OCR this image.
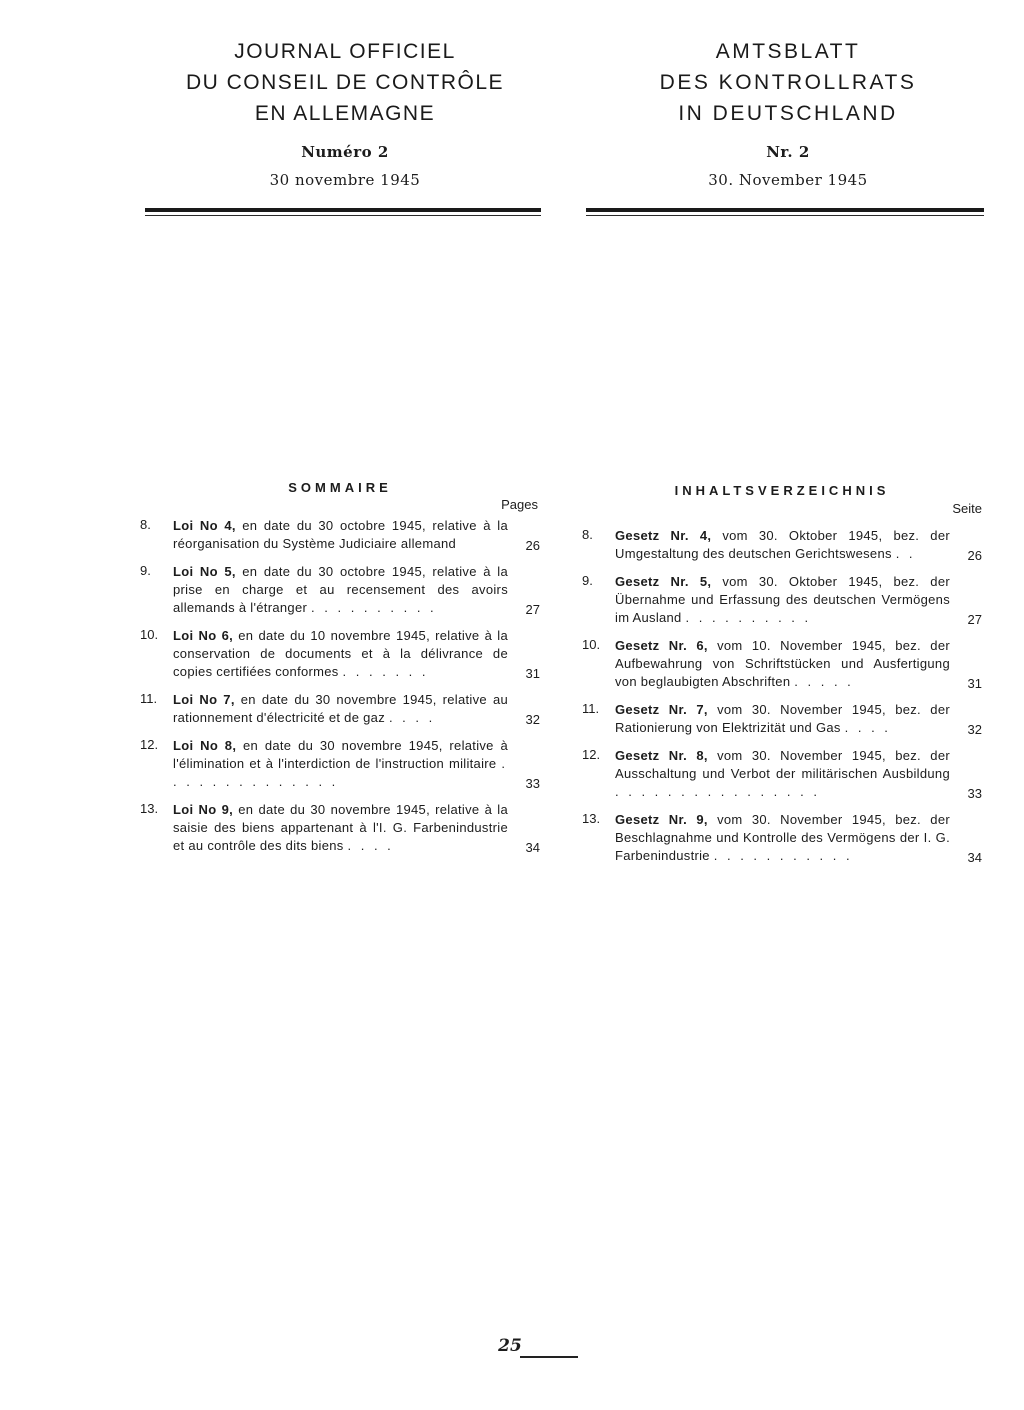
JOURNAL OFFICIEL
DU CONSEIL DE CONTRÔLE
EN ALLEMAGNE
Numéro 2
30 novembre 1945
AMTSBLATT
DES KONTROLLRATS
IN DEUTSCHLAND
Nr. 2
30. November 1945
SOMMAIRE
Pages
8.	Loi No 4, en date du 30 octobre 1945, relative à la réorganisation du Système Judiciaire allemand	26
9.	Loi No 5, en date du 30 octobre 1945, relative à la prise en charge et au recensement des avoirs allemands à l'étranger . . . . . . . . . .	27
10.	Loi No 6, en date du 10 novembre 1945, relative à la conservation de documents et à la délivrance de copies certifiées conformes . . . . . . .	31
11.	Loi No 7, en date du 30 novembre 1945, relative au rationnement d'électricité et de gaz . . . .	32
12.	Loi No 8, en date du 30 novembre 1945, relative à l'élimination et à l'interdiction de l'instruction militaire . . . . . . . . . . . . . .	33
13.	Loi No 9, en date du 30 novembre 1945, relative à la saisie des biens appartenant à l'I. G. Farbenindustrie et au contrôle des dits biens . . . .	34
INHALTSVERZEICHNIS
Seite
8.	Gesetz Nr. 4, vom 30. Oktober 1945, bez. der Umgestaltung des deutschen Gerichtswesens . .	26
9.	Gesetz Nr. 5, vom 30. Oktober 1945, bez. der Übernahme und Erfassung des deutschen Vermögens im Ausland . . . . . . . . . .	27
10.	Gesetz Nr. 6, vom 10. November 1945, bez. der Aufbewahrung von Schriftstücken und Ausfertigung von beglaubigten Abschriften . . . . .	31
11.	Gesetz Nr. 7, vom 30. November 1945, bez. der Rationierung von Elektrizität und Gas . . . .	32
12.	Gesetz Nr. 8, vom 30. November 1945, bez. der Ausschaltung und Verbot der militärischen Ausbildung . . . . . . . . . . . . . . . .	33
13.	Gesetz Nr. 9, vom 30. November 1945, bez. der Beschlagnahme und Kontrolle des Vermögens der I. G. Farbenindustrie . . . . . . . . . . .	34
25
